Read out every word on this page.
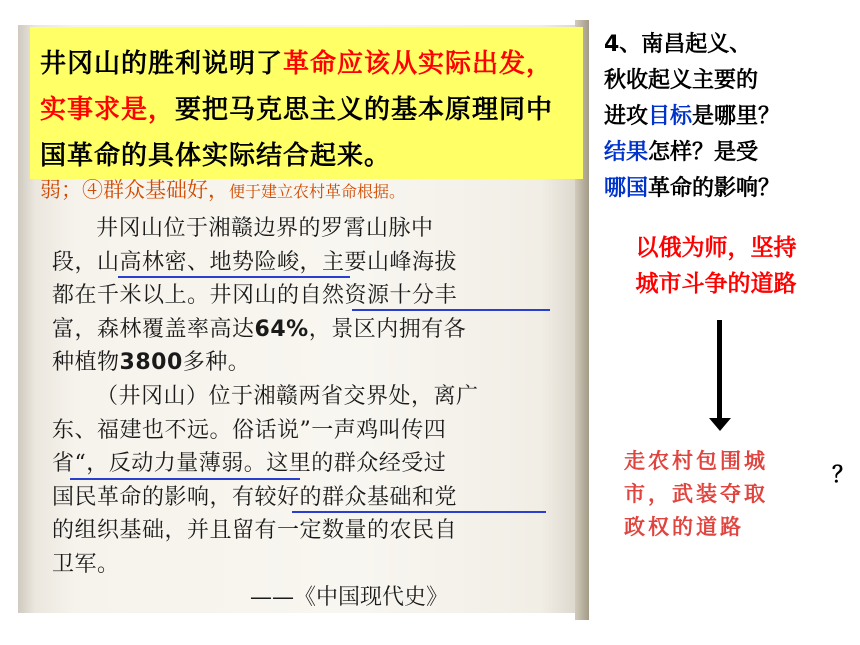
井冈山的胜利说明了革命应该从实际出发，实事求是，要把马克思主义的基本原理同中国革命的具体实际结合起来。
弱；④群众基础好，便于建立农村革命根据。
井冈山位于湘赣边界的罗霄山脉中
段，山高林密、地势险峻，主要山峰海拔
都在千米以上。井冈山的自然资源十分丰
富，森林覆盖率高达64%，景区内拥有各
种植物3800多种。
（井冈山）位于湘赣两省交界处，离广
东、福建也不远。俗话说”一声鸡叫传四
省“，反动力量薄弱。这里的群众经受过
国民革命的影响，有较好的群众基础和党
的组织基础，并且留有一定数量的农民自
卫军。
——《中国现代史》
4、南昌起义、
秋收起义主要的
进攻目标是哪里？
结果怎样？是受
哪国革命的影响？
以俄为师，坚持
城市斗争的道路
走农村包围城
市，武装夺取
政权的道路
？
